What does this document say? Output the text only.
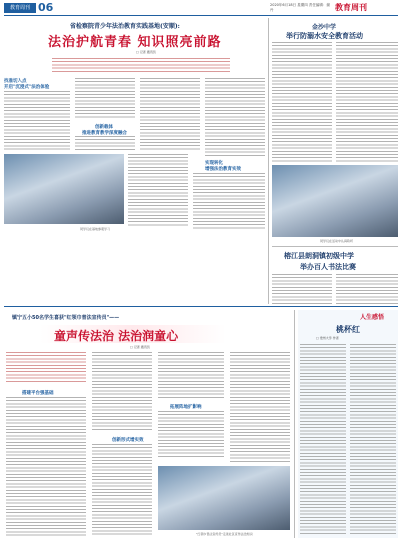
教育周刊 06	2020年6月18日 星期四 责任编辑：谢丹	教育周刊
省检察院青少年法治教育实践基地(安顺):
法治护航青春 知识照亮前路
□ 记者 通讯员
找准切入点
开启"沉浸式"法治体验
同学们在基地参观学习
创新载体
推进教育教学深度融合
实现转化
增强法治教育实效
金沙中学
举行防溺水安全教育活动
同学们在活动中认真聆听
榕江县朗洞镇初级中学
举办百人书法比赛
镇宁五小50名学生喜获"红领巾普法宣传员"——
童声传法治 法治润童心
□ 记者 通讯员
搭建平台强基础
创新形式增实效
拓展阵地扩影响
"红领巾普法宣传员"走进社区宣传法治知识
人生感悟
桃杯红
□ 贵州大学 作者
